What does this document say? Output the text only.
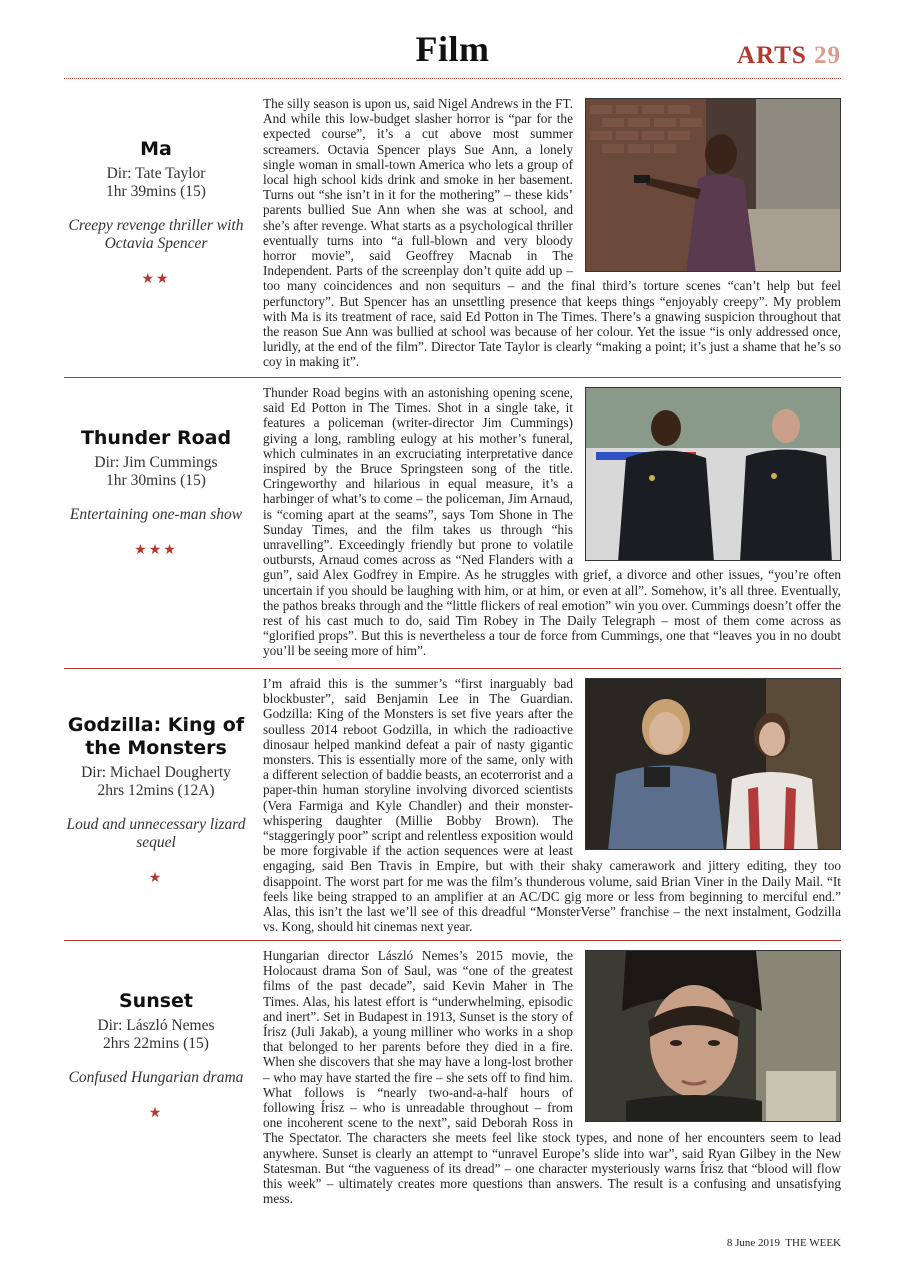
Film	ARTS 29
Ma
Dir: Tate Taylor
1hr 39mins (15)
Creepy revenge thriller with Octavia Spencer
★★

The silly season is upon us, said Nigel Andrews in the FT. And while this low-budget slasher horror is “par for the expected course”, it’s a cut above most summer screamers. Octavia Spencer plays Sue Ann, a lonely single woman in small-town America who lets a group of local high school kids drink and smoke in her basement. Turns out “she isn’t in it for the mothering” – these kids’ parents bullied Sue Ann when she was at school, and she’s after revenge. What starts as a psychological thriller eventually turns into “a full-blown and very bloody horror movie”, said Geoffrey Macnab in The Independent. Parts of the screenplay don’t quite add up – too many coincidences and non sequiturs – and the final third’s torture scenes “can’t help but feel perfunctory”. But Spencer has an unsettling presence that keeps things “enjoyably creepy”. My problem with Ma is its treatment of race, said Ed Potton in The Times. There’s a gnawing suspicion throughout that the reason Sue Ann was bullied at school was because of her colour. Yet the issue “is only addressed once, luridly, at the end of the film”. Director Tate Taylor is clearly “making a point; it’s just a shame that he’s so coy in making it”.

Thunder Road
Dir: Jim Cummings
1hr 30mins (15)
Entertaining one-man show
★★★

Thunder Road begins with an astonishing opening scene, said Ed Potton in The Times. Shot in a single take, it features a policeman (writer-director Jim Cummings) giving a long, rambling eulogy at his mother’s funeral, which culminates in an excruciating interpretative dance inspired by the Bruce Springsteen song of the title. Cringeworthy and hilarious in equal measure, it’s a harbinger of what’s to come – the policeman, Jim Arnaud, is “coming apart at the seams”, says Tom Shone in The Sunday Times, and the film takes us through “his unravelling”. Exceedingly friendly but prone to volatile outbursts, Arnaud comes across as “Ned Flanders with a gun”, said Alex Godfrey in Empire. As he struggles with grief, a divorce and other issues, “you’re often uncertain if you should be laughing with him, or at him, or even at all”. Somehow, it’s all three. Eventually, the pathos breaks through and the “little flickers of real emotion” win you over. Cummings doesn’t offer the rest of his cast much to do, said Tim Robey in The Daily Telegraph – most of them come across as “glorified props”. But this is nevertheless a tour de force from Cummings, one that “leaves you in no doubt you’ll be seeing more of him”.

Godzilla: King of the Monsters
Dir: Michael Dougherty
2hrs 12mins (12A)
Loud and unnecessary lizard sequel
★

I’m afraid this is the summer’s “first inarguably bad blockbuster”, said Benjamin Lee in The Guardian. Godzilla: King of the Monsters is set five years after the soulless 2014 reboot Godzilla, in which the radioactive dinosaur helped mankind defeat a pair of nasty gigantic monsters. This is essentially more of the same, only with a different selection of baddie beasts, an ecoterrorist and a paper-thin human storyline involving divorced scientists (Vera Farmiga and Kyle Chandler) and their monster-whispering daughter (Millie Bobby Brown). The “staggeringly poor” script and relentless exposition would be more forgivable if the action sequences were at least engaging, said Ben Travis in Empire, but with their shaky camerawork and jittery editing, they too disappoint. The worst part for me was the film’s thunderous volume, said Brian Viner in the Daily Mail. “It feels like being strapped to an amplifier at an AC/DC gig more or less from beginning to merciful end.” Alas, this isn’t the last we’ll see of this dreadful “MonsterVerse” franchise – the next instalment, Godzilla vs. Kong, should hit cinemas next year.

Sunset
Dir: László Nemes
2hrs 22mins (15)
Confused Hungarian drama
★

Hungarian director László Nemes’s 2015 movie, the Holocaust drama Son of Saul, was “one of the greatest films of the past decade”, said Kevin Maher in The Times. Alas, his latest effort is “underwhelming, episodic and inert”. Set in Budapest in 1913, Sunset is the story of Írisz (Juli Jakab), a young milliner who works in a shop that belonged to her parents before they died in a fire. When she discovers that she may have a long-lost brother – who may have started the fire – she sets off to find him. What follows is “nearly two-and-a-half hours of following Írisz – who is unreadable throughout – from one incoherent scene to the next”, said Deborah Ross in The Spectator. The characters she meets feel like stock types, and none of her encounters seem to lead anywhere. Sunset is clearly an attempt to “unravel Europe’s slide into war”, said Ryan Gilbey in the New Statesman. But “the vagueness of its dread” – one character mysteriously warns Írisz that “blood will flow this week” – ultimately creates more questions than answers. The result is a confusing and unsatisfying mess.

8 June 2019 THE WEEK
